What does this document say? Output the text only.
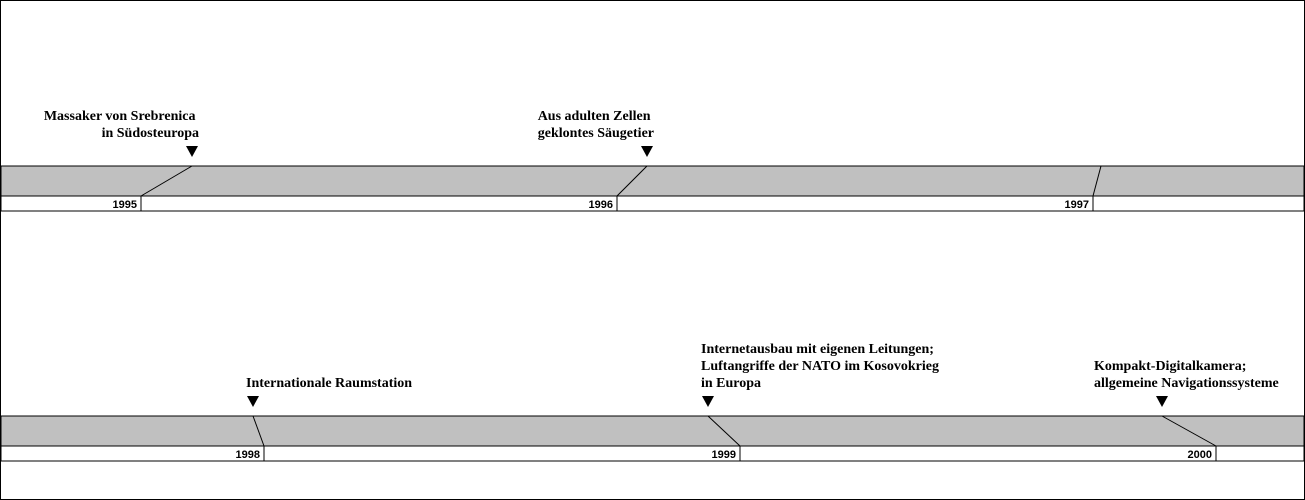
1995	1996	1997
Massaker von Srebrenica in Südosteuropa
Aus adulten Zellen geklontes Säugetier
1998	1999	2000
Internationale Raumstation
Internetausbau mit eigenen Leitungen; Luftangriffe der NATO im Kosovokrieg in Europa
Kompakt-Digitalkamera; allgemeine Navigationssysteme
